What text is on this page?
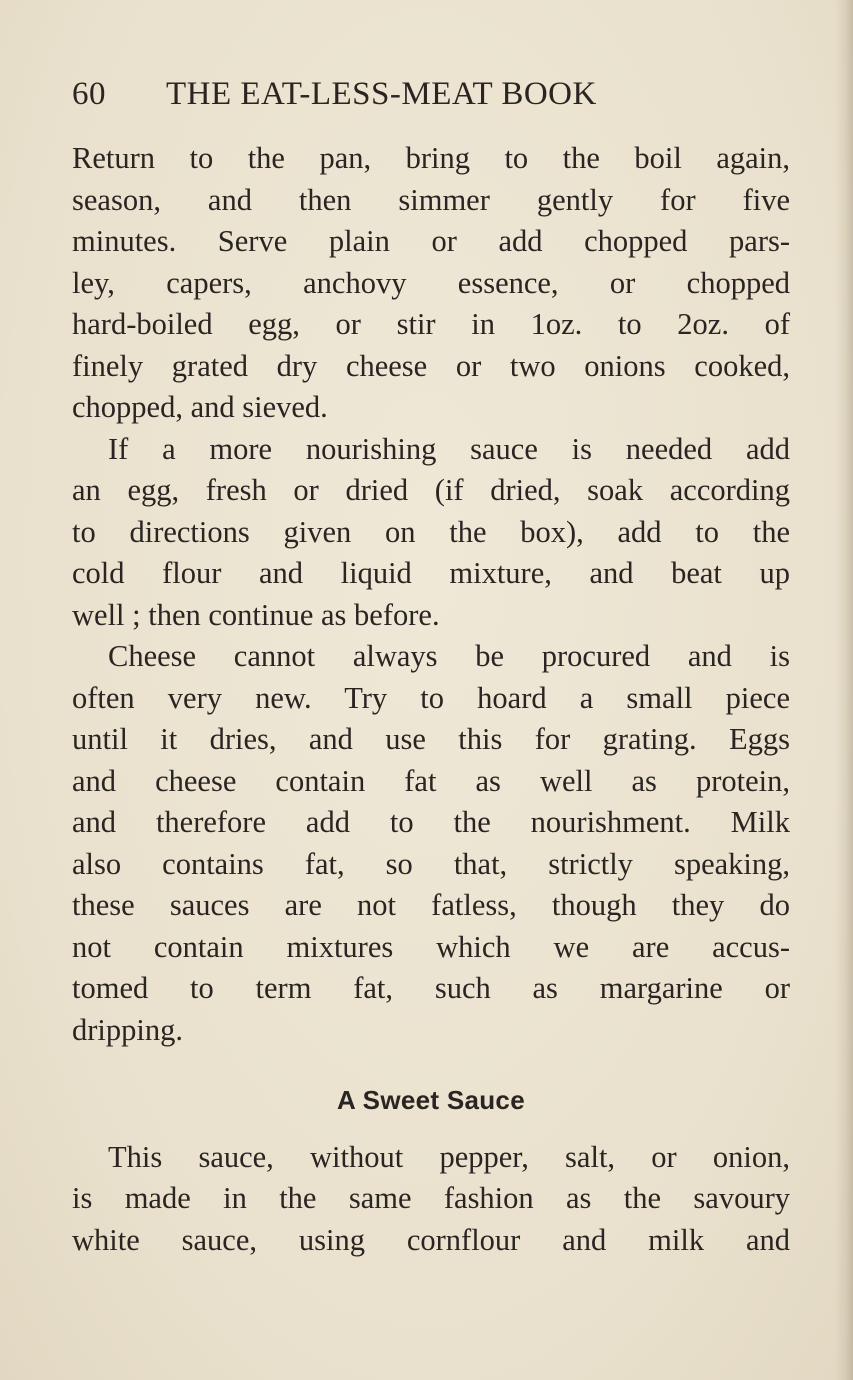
60 THE EAT-LESS-MEAT BOOK
Return to the pan, bring to the boil again,
season, and then simmer gently for five
minutes. Serve plain or add chopped pars-
ley, capers, anchovy essence, or chopped
hard-boiled egg, or stir in 1oz. to 2oz. of
finely grated dry cheese or two onions cooked,
chopped, and sieved.
If a more nourishing sauce is needed add
an egg, fresh or dried (if dried, soak according
to directions given on the box), add to the
cold flour and liquid mixture, and beat up
well ; then continue as before.
Cheese cannot always be procured and is
often very new. Try to hoard a small piece
until it dries, and use this for grating. Eggs
and cheese contain fat as well as protein,
and therefore add to the nourishment. Milk
also contains fat, so that, strictly speaking,
these sauces are not fatless, though they do
not contain mixtures which we are accus-
tomed to term fat, such as margarine or
dripping.
A Sweet Sauce
This sauce, without pepper, salt, or onion,
is made in the same fashion as the savoury
white sauce, using cornflour and milk and
